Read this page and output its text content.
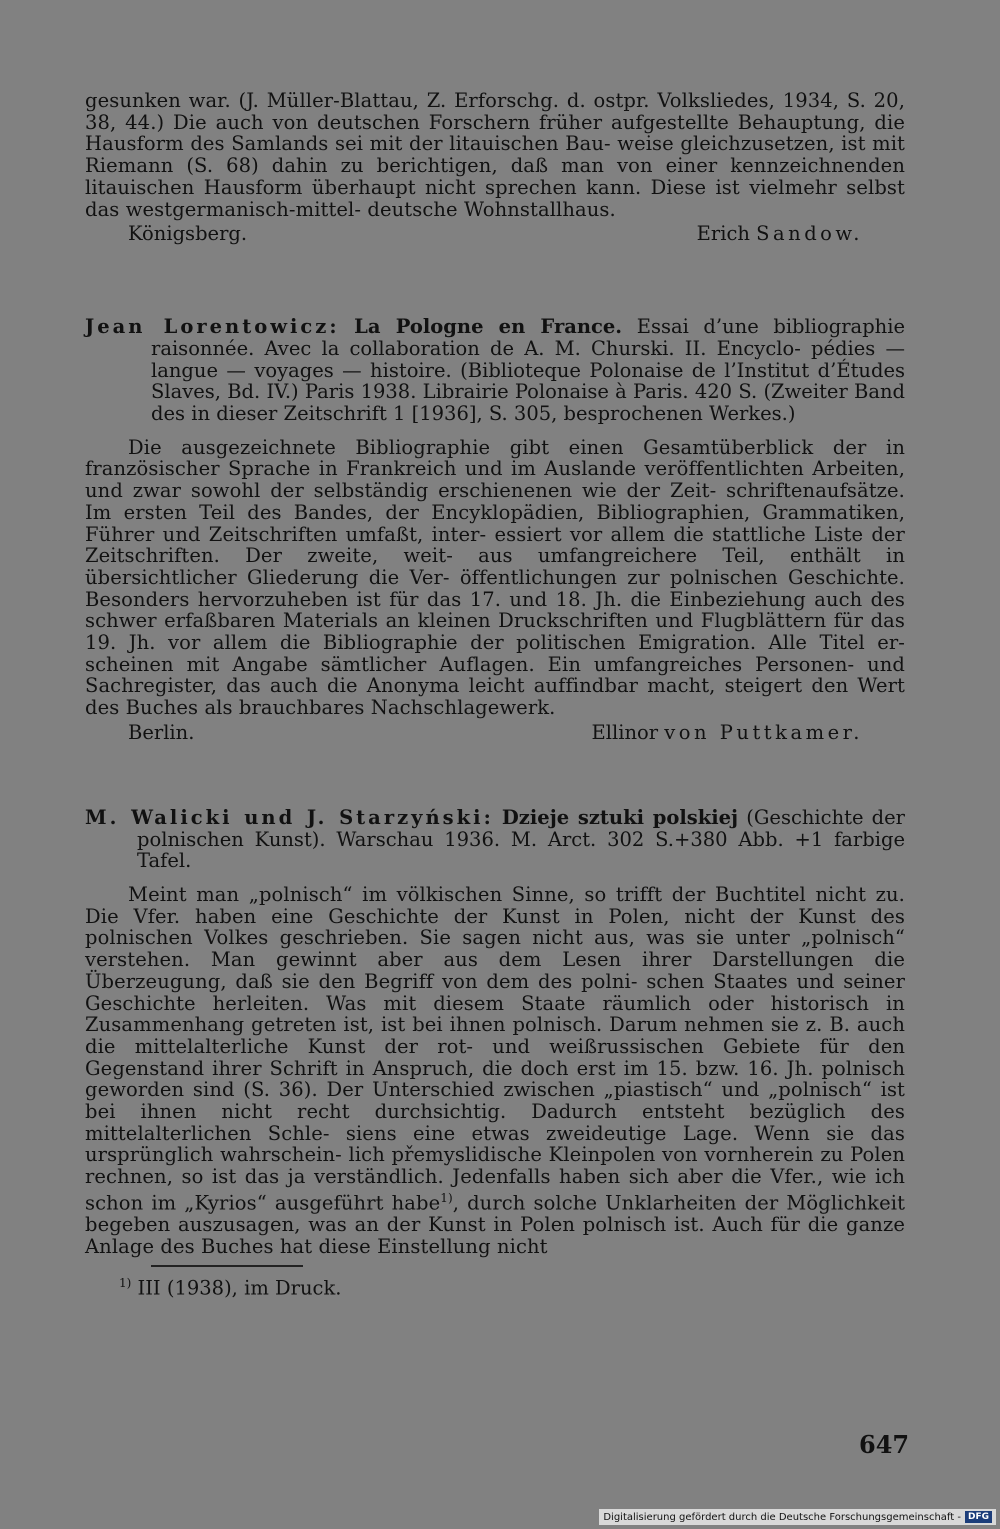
gesunken war. (J. Müller-Blattau, Z. Erforschg. d. ostpr. Volksliedes, 1934, S. 20, 38, 44.) Die auch von deutschen Forschern früher aufgestellte Behauptung, die Hausform des Samlands sei mit der litauischen Bau- weise gleichzusetzen, ist mit Riemann (S. 68) dahin zu berichtigen, daß man von einer kennzeichnenden litauischen Hausform überhaupt nicht sprechen kann. Diese ist vielmehr selbst das westgermanisch-mittel- deutsche Wohnstallhaus.

Königsberg.	Erich Sandow.

Jean Lorentowicz: La Pologne en France. Essai d’une bibliographie raisonnée. Avec la collaboration de A. M. Churski. II. Encyclo- pédies — langue — voyages — histoire. (Biblioteque Polonaise de l’Institut d’Études Slaves, Bd. IV.) Paris 1938. Librairie Polonaise à Paris. 420 S. (Zweiter Band des in dieser Zeitschrift 1 [1936], S. 305, besprochenen Werkes.)

Die ausgezeichnete Bibliographie gibt einen Gesamtüberblick der in französischer Sprache in Frankreich und im Auslande veröffentlichten Arbeiten, und zwar sowohl der selbständig erschienenen wie der Zeit- schriftenaufsätze. Im ersten Teil des Bandes, der Encyklopädien, Bibliographien, Grammatiken, Führer und Zeitschriften umfaßt, inter- essiert vor allem die stattliche Liste der Zeitschriften. Der zweite, weit- aus umfangreichere Teil, enthält in übersichtlicher Gliederung die Ver- öffentlichungen zur polnischen Geschichte. Besonders hervorzuheben ist für das 17. und 18. Jh. die Einbeziehung auch des schwer erfaßbaren Materials an kleinen Druckschriften und Flugblättern für das 19. Jh. vor allem die Bibliographie der politischen Emigration. Alle Titel er- scheinen mit Angabe sämtlicher Auflagen. Ein umfangreiches Personen- und Sachregister, das auch die Anonyma leicht auffindbar macht, steigert den Wert des Buches als brauchbares Nachschlagewerk.

Berlin.	Ellinor von Puttkamer.

M. Walicki und J. Starzyński: Dzieje sztuki polskiej (Geschichte der polnischen Kunst). Warschau 1936. M. Arct. 302 S.+380 Abb. +1 farbige Tafel.

Meint man „polnisch“ im völkischen Sinne, so trifft der Buchtitel nicht zu. Die Vfer. haben eine Geschichte der Kunst in Polen, nicht der Kunst des polnischen Volkes geschrieben. Sie sagen nicht aus, was sie unter „polnisch“ verstehen. Man gewinnt aber aus dem Lesen ihrer Darstellungen die Überzeugung, daß sie den Begriff von dem des polni- schen Staates und seiner Geschichte herleiten. Was mit diesem Staate räumlich oder historisch in Zusammenhang getreten ist, ist bei ihnen polnisch. Darum nehmen sie z. B. auch die mittelalterliche Kunst der rot- und weißrussischen Gebiete für den Gegenstand ihrer Schrift in Anspruch, die doch erst im 15. bzw. 16. Jh. polnisch geworden sind (S. 36). Der Unterschied zwischen „piastisch“ und „polnisch“ ist bei ihnen nicht recht durchsichtig. Dadurch entsteht bezüglich des mittelalterlichen Schle- siens eine etwas zweideutige Lage. Wenn sie das ursprünglich wahrschein- lich přemyslidische Kleinpolen von vornherein zu Polen rechnen, so ist das ja verständlich. Jedenfalls haben sich aber die Vfer., wie ich schon im „Kyrios“ ausgeführt habe$^{1)}$, durch solche Unklarheiten der Möglichkeit begeben auszusagen, was an der Kunst in Polen polnisch ist. Auch für die ganze Anlage des Buches hat diese Einstellung nicht

$^{1)}$ III (1938), im Druck.
647
Digitalisierung gefördert durch die Deutsche Forschungsgemeinschaft - DFG
